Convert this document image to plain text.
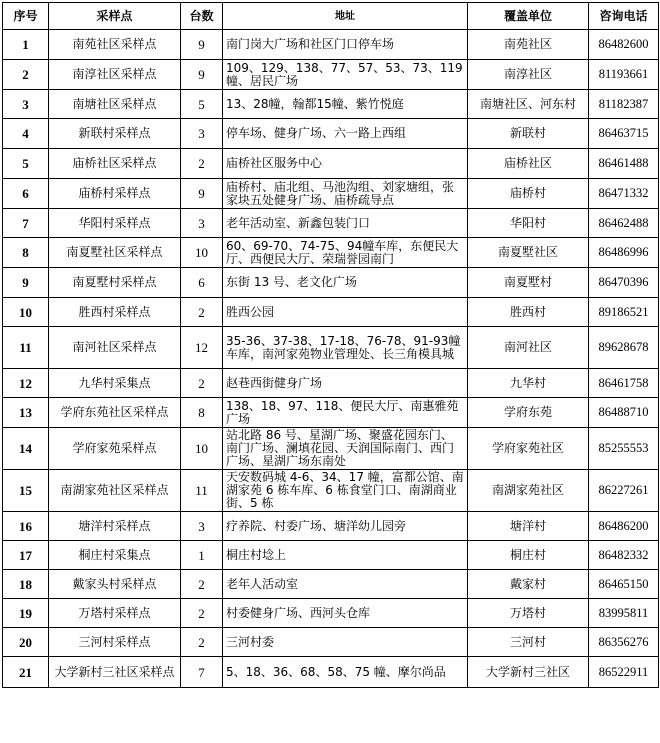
序号	采样点	台数	地址	覆盖单位	咨询电话
1	南苑社区采样点	9	南门岗大广场和社区门口停车场	南苑社区	86482600
2	南淳社区采样点	9	109、129、138、77、57、53、73、119幢、居民广场	南淳社区	81193661
3	南塘社区采样点	5	13、28幢，翰都15幢、紫竹悦庭	南塘社区、河东村	81182387
4	新联村采样点	3	停车场、健身广场、六一路上西组	新联村	86463715
5	庙桥社区采样点	2	庙桥社区服务中心	庙桥社区	86461488
6	庙桥村采样点	9	庙桥村、庙北组、马池沟组、刘家塘组，张家块五处健身广场、庙桥疏导点	庙桥村	86471332
7	华阳村采样点	3	老年活动室、新鑫包装门口	华阳村	86462488
8	南夏墅社区采样点	10	60、69-70、74-75、94幢车库，东便民大厅、西便民大厅、荣瑞誉园南门	南夏墅社区	86486996
9	南夏墅村采样点	6	东街 13 号、老文化广场	南夏墅村	86470396
10	胜西村采样点	2	胜西公园	胜西村	89186521
11	南河社区采样点	12	35-36、37-38、17-18、76-78、91-93幢车库，南河家苑物业管理处、长三角模具城	南河社区	89628678
12	九华村采集点	2	赵巷西街健身广场	九华村	86461758
13	学府东苑社区采样点	8	138、18、97、118、便民大厅、南惠雅苑广场	学府东苑	86488710
14	学府家苑采样点	10	站北路 86 号、星湖广场、聚盛花园东门、南门广场、澜填花园、天润国际南门、西门广场、星湖广场东南处	学府家苑社区	85255553
15	南湖家苑社区采样点	11	天安数码城 4-6、34、17 幢，富都公馆、南湖家苑 6 栋车库、6 栋食堂门口、南湖商业街、5 栋	南湖家苑社区	86227261
16	塘洋村采样点	3	疗养院、村委广场、塘洋幼儿园旁	塘洋村	86486200
17	桐庄村采集点	1	桐庄村埝上	桐庄村	86482332
18	戴家头村采样点	2	老年人活动室	戴家村	86465150
19	万塔村采样点	2	村委健身广场、西河头仓库	万塔村	83995811
20	三河村采样点	2	三河村委	三河村	86356276
21	大学新村三社区采样点	7	5、18、36、68、58、75 幢、摩尔尚品	大学新村三社区	86522911
